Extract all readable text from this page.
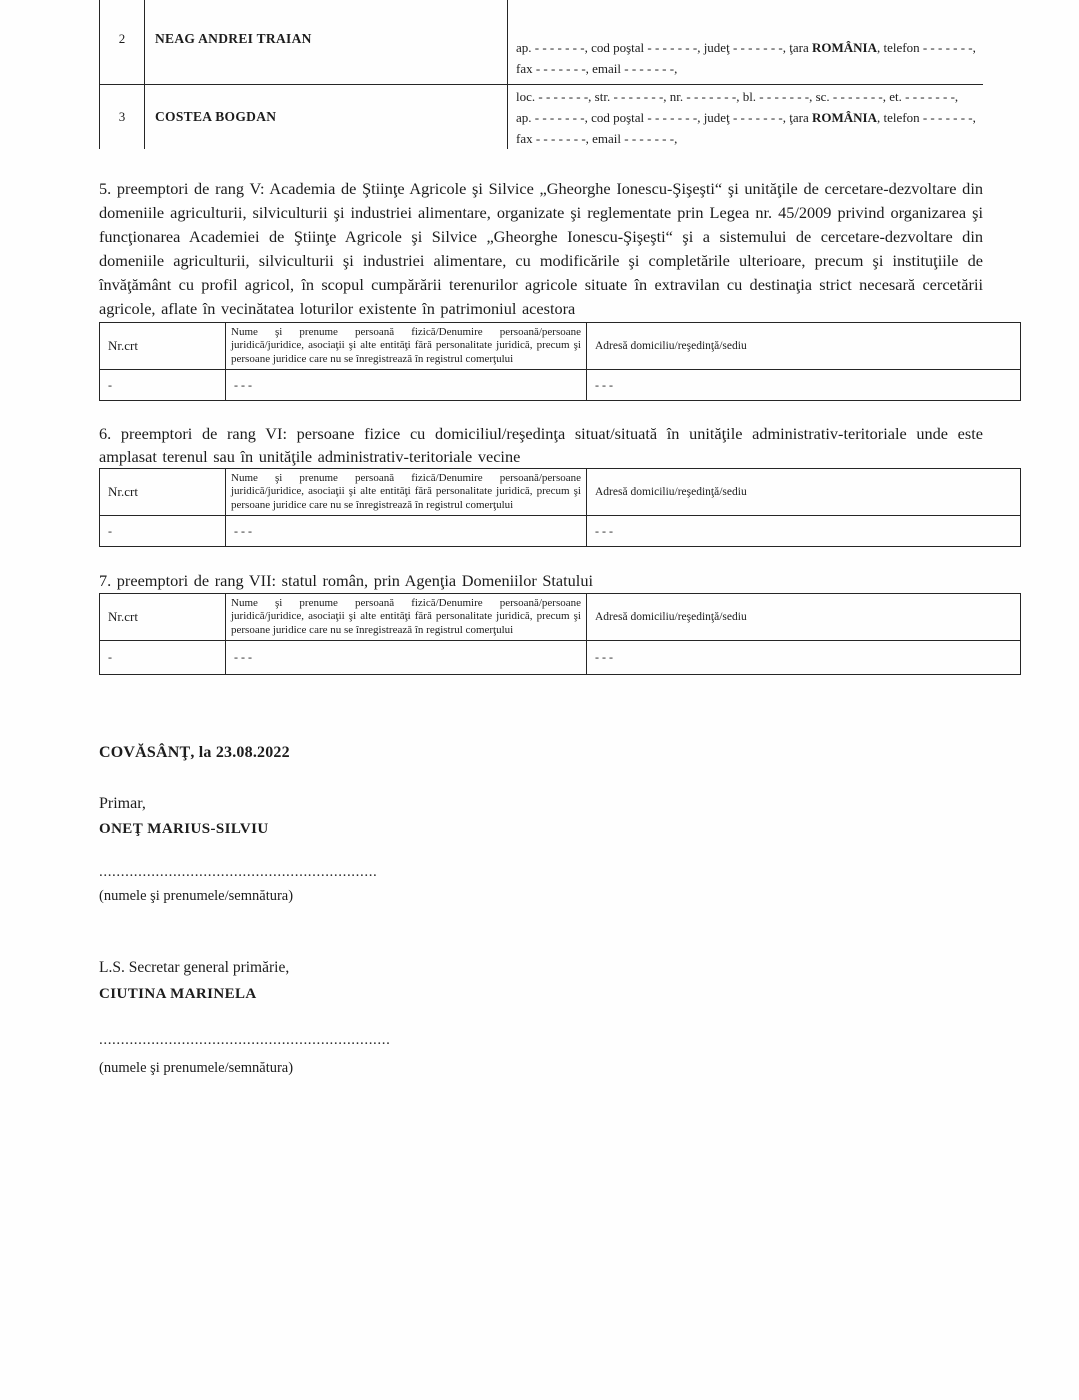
2	NEAG ANDREI TRAIAN	ap. - - - - - - -, cod poştal - - - - - - -, judeţ - - - - - - -, ţara ROMÂNIA, telefon - - - - - - -,
fax - - - - - - -, email - - - - - - -,

3	COSTEA BOGDAN	loc. - - - - - - -, str. - - - - - - -, nr. - - - - - - -, bl. - - - - - - -, sc. - - - - - - -, et. - - - - - - -,
ap. - - - - - - -, cod poştal - - - - - - -, judeţ - - - - - - -, ţara ROMÂNIA, telefon - - - - - - -,
fax - - - - - - -, email - - - - - - -,

5. preemptori de rang V: Academia de Ştiinţe Agricole şi Silvice „Gheorghe Ionescu-Şişeşti“ şi unităţile de cercetare-dezvoltare din domeniile agriculturii, silviculturii şi industriei alimentare, organizate şi reglementate prin Legea nr. 45/2009 privind organizarea şi funcţionarea Academiei de Ştiinţe Agricole şi Silvice „Gheorghe Ionescu-Şişeşti“ şi a sistemului de cercetare-dezvoltare din domeniile agriculturii, silviculturii şi industriei alimentare, cu modificările şi completările ulterioare, precum şi instituţiile de învăţământ cu profil agricol, în scopul cumpărării terenurilor agricole situate în extravilan cu destinaţia strict necesară cercetării agricole, aflate în vecinătatea loturilor existente în patrimoniul acestora

Nr.crt	Nume şi prenume persoană fizică/Denumire persoană/persoane juridică/juridice, asociaţii şi alte entităţi fără personalitate juridică, precum şi persoane juridice care nu se înregistrează în registrul comerţului	Adresă domiciliu/reşedinţă/sediu
-	- - -	- - -

6. preemptori de rang VI: persoane fizice cu domiciliul/reşedinţa situat/situată în unităţile administrativ-teritoriale unde este amplasat terenul sau în unităţile administrativ-teritoriale vecine

Nr.crt	Nume şi prenume persoană fizică/Denumire persoană/persoane juridică/juridice, asociaţii şi alte entităţi fără personalitate juridică, precum şi persoane juridice care nu se înregistrează în registrul comerţului	Adresă domiciliu/reşedinţă/sediu
-	- - -	- - -

7. preemptori de rang VII: statul român, prin Agenţia Domeniilor Statului

Nr.crt	Nume şi prenume persoană fizică/Denumire persoană/persoane juridică/juridice, asociaţii şi alte entităţi fără personalitate juridică, precum şi persoane juridice care nu se înregistrează în registrul comerţului	Adresă domiciliu/reşedinţă/sediu
-	- - -	- - -

COVĂSÂNŢ, la 23.08.2022

Primar,

ONEŢ MARIUS-SILVIU

................................................................

(numele şi prenumele/semnătura)

L.S. Secretar general primărie,

CIUTINA MARINELA

...................................................................

(numele şi prenumele/semnătura)
